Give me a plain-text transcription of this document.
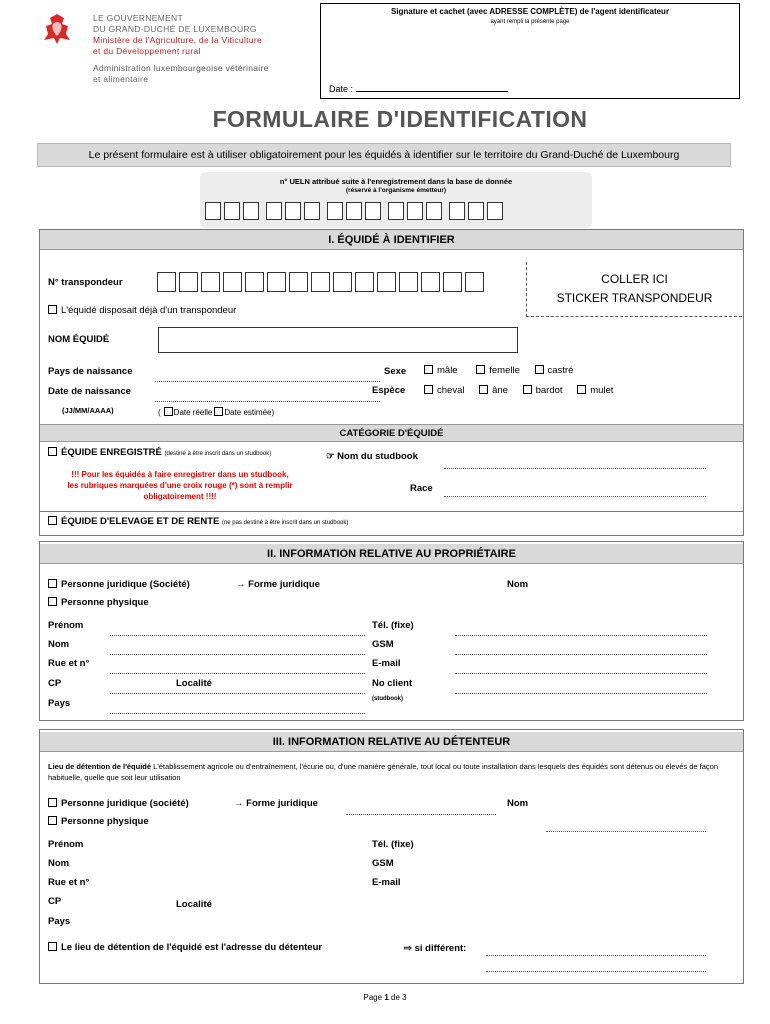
LE GOUVERNEMENT
DU GRAND-DUCHÉ DE LUXEMBOURG
Ministère de l'Agriculture, de la Viticulture
et du Développement rural
Administration luxembourgeoise vétérinaire
et alimentaire
Signature et cachet (avec ADRESSE COMPLÈTE) de l'agent identificateur
ayant rempli la présente page
Date :
FORMULAIRE D'IDENTIFICATION
Le présent formulaire est à utiliser obligatoirement pour les équidés à identifier sur le territoire du Grand-Duché de Luxembourg
n° UELN attribué suite à l'enregistrement dans la base de donnée
(réservé à l'organisme émetteur)
I. ÉQUIDÉ À IDENTIFIER
N° transpondeur
L'équidé disposait déjà d'un transpondeur
COLLER ICI
STICKER TRANSPONDEUR
NOM ÉQUIDÉ
Pays de naissance
Date de naissance
(JJ/MM/AAAA)	( Date réelle Date estimée)
Sexe	mâle	femelle	castré
Espèce	cheval	âne	bardot	mulet
CATÉGORIE D'ÉQUIDÉ
ÉQUIDE ENREGISTRÉ (destiné à être inscrit dans un studbook)	☞ Nom du studbook
!!! Pour les équidés à faire enregistrer dans un studbook,
les rubriques marquées d'une croix rouge (*) sont à remplir
obligatoirement !!!!
Race
ÉQUIDE D'ELEVAGE ET DE RENTE (ne pas destiné à être inscrit dans un studbook)
II. INFORMATION RELATIVE AU PROPRIÉTAIRE
Personne juridique (Société)	→ Forme juridique	Nom
Personne physique
Prénom
Nom
Rue et n°
CP	Localité
Pays
Tél. (fixe)
GSM
E-mail
No client
(studbook)
III. INFORMATION RELATIVE AU DÉTENTEUR
Lieu de détention de l'équidé L'établissement agricole ou d'entraînement, l'écurie ou, d'une manière générale, tout local ou toute installation dans lesquels des équidés sont détenus ou élevés de façon habituelle, quelle que soit leur utilisation
Personne juridique (société)	→ Forme juridique	Nom
Personne physique
Prénom
Nom
Rue et n°
CP	Localité
Pays
Tél. (fixe)
GSM
E-mail
Le lieu de détention de l'équidé est l'adresse du détenteur	⇨ si différent:
Page 1 de 3
